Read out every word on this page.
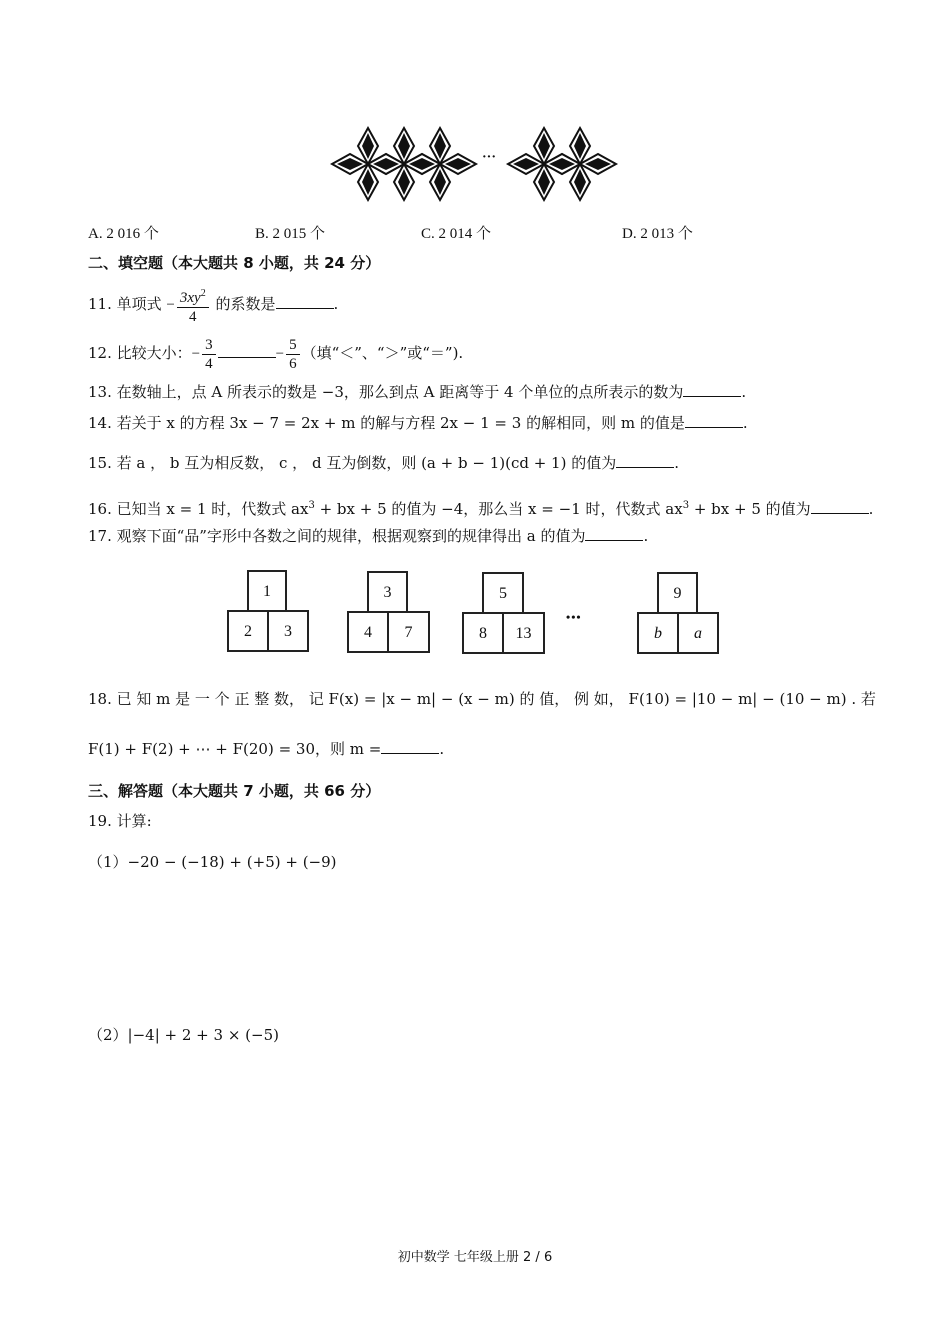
···
A. 2 016 个	B. 2 015 个	C. 2 014 个	D. 2 013 个
二、填空题（本大题共 8 小题，共 24 分）
11. 单项式 − $\frac{3xy^2}{4}$ 的系数是	.
12. 比较大小：− $\frac{3}{4}$	− $\frac{5}{6}$ （填“＜”、“＞”或“＝”).
13. 在数轴上，点 A 所表示的数是 −3，那么到点 A 距离等于 4 个单位的点所表示的数为	.
14. 若关于 x 的方程 3x − 7 = 2x + m 的解与方程 2x − 1 = 3 的解相同，则 m 的值是	.
15. 若 a ， b 互为相反数， c ， d 互为倒数，则 (a + b − 1)(cd + 1) 的值为	.
16. 已知当 x = 1 时，代数式 $ax^3$ + bx + 5 的值为 −4，那么当 x = −1 时，代数式 $ax^3$ + bx + 5 的值为	.
17. 观察下面“品”字形中各数之间的规律，根据观察到的规律得出 a 的值为	.
1
2	3
3
4	7
5
8	13
•••
9
b	a
18. 已 知 m 是 一 个 正 整 数， 记 F(x) = |x − m| − (x − m) 的 值， 例 如， F(10) = |10 − m| − (10 − m) . 若
F(1) + F(2) + ⋯ + F(20) = 30，则 m =	.
三、解答题（本大题共 7 小题，共 66 分）
19. 计算:
（1）−20 − (−18) + (+5) + (−9)
（2）|−4| + 2 + 3 × (−5)
初中数学 七年级上册 2 / 6
